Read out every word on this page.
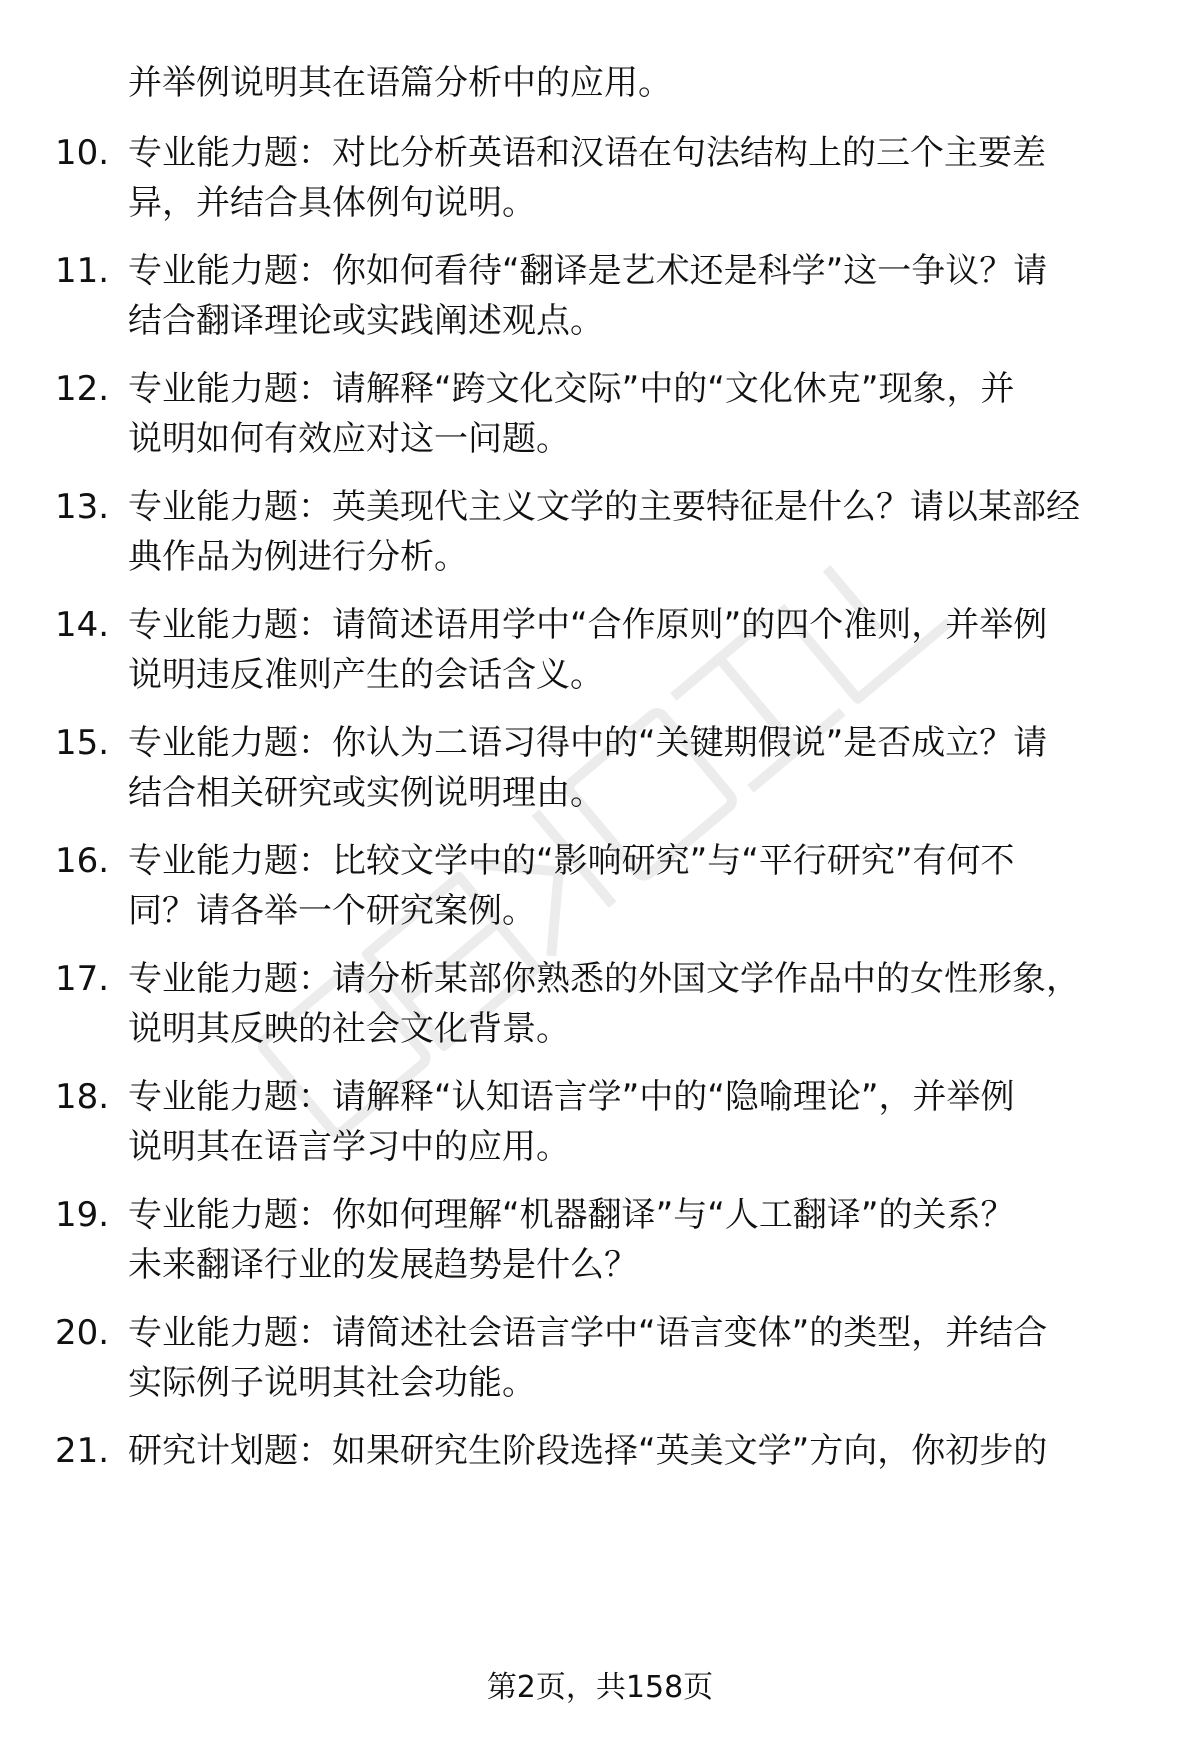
并举例说明其在语篇分析中的应用。
10. 专业能力题：对比分析英语和汉语在句法结构上的三个主要差
异，并结合具体例句说明。
11. 专业能力题：你如何看待“翻译是艺术还是科学”这一争议？请
结合翻译理论或实践阐述观点。
12. 专业能力题：请解释“跨文化交际”中的“文化休克”现象，并
说明如何有效应对这一问题。
13. 专业能力题：英美现代主义文学的主要特征是什么？请以某部经
典作品为例进行分析。
14. 专业能力题：请简述语用学中“合作原则”的四个准则，并举例
说明违反准则产生的会话含义。
15. 专业能力题：你认为二语习得中的“关键期假说”是否成立？请
结合相关研究或实例说明理由。
16. 专业能力题：比较文学中的“影响研究”与“平行研究”有何不
同？请各举一个研究案例。
17. 专业能力题：请分析某部你熟悉的外国文学作品中的女性形象，
说明其反映的社会文化背景。
18. 专业能力题：请解释“认知语言学”中的“隐喻理论”，并举例
说明其在语言学习中的应用。
19. 专业能力题：你如何理解“机器翻译”与“人工翻译”的关系？
未来翻译行业的发展趋势是什么？
20. 专业能力题：请简述社会语言学中“语言变体”的类型，并结合
实际例子说明其社会功能。
21. 研究计划题：如果研究生阶段选择“英美文学”方向，你初步的
第2页，共158页
